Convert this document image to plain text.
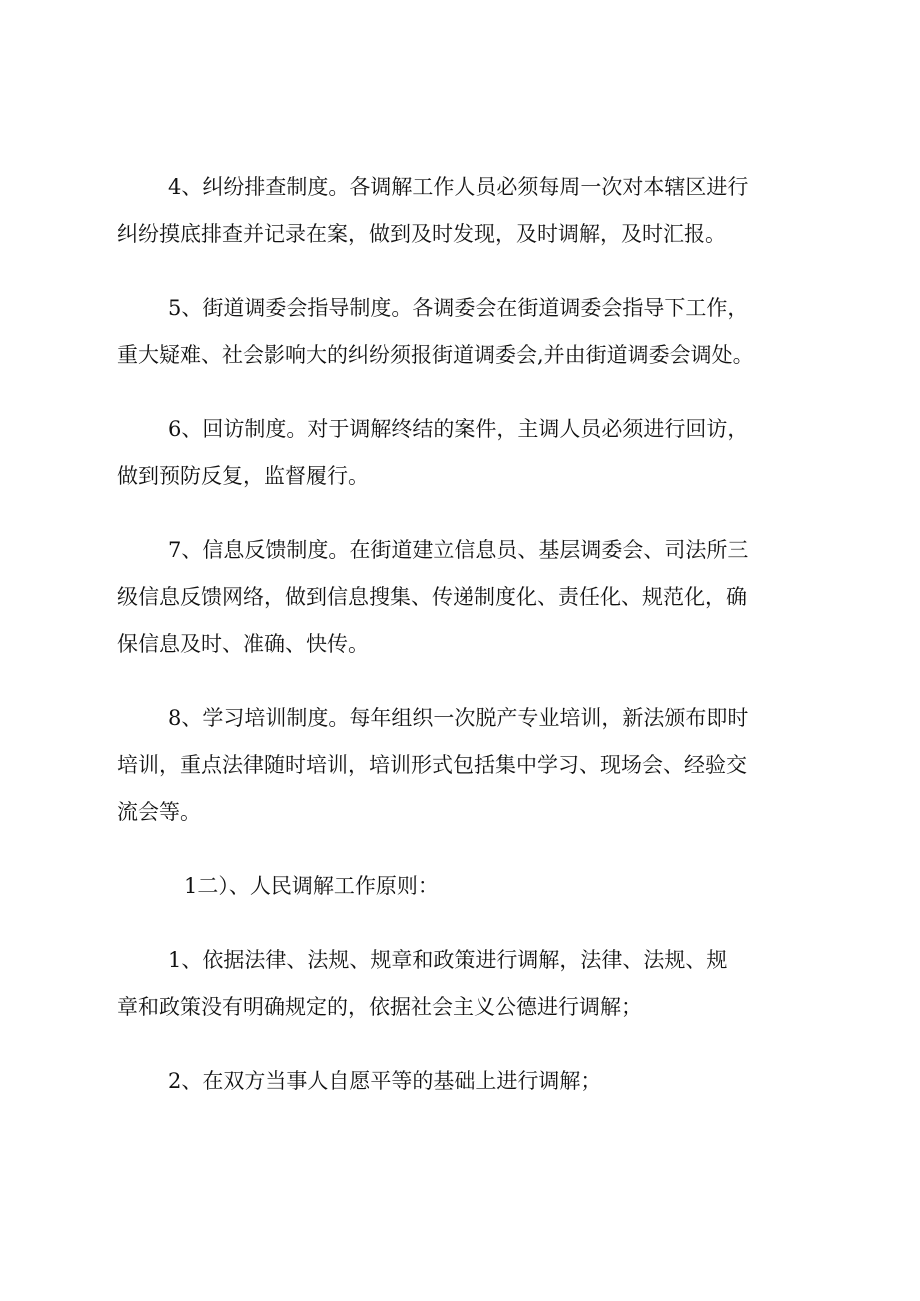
4、纠纷排查制度。各调解工作人员必须每周一次对本辖区进行
纠纷摸底排查并记录在案，做到及时发现，及时调解，及时汇报。
5、街道调委会指导制度。各调委会在街道调委会指导下工作，
重大疑难、社会影响大的纠纷须报街道调委会,并由街道调委会调处。
6、回访制度。对于调解终结的案件，主调人员必须进行回访，
做到预防反复，监督履行。
7、信息反馈制度。在街道建立信息员、基层调委会、司法所三
级信息反馈网络，做到信息搜集、传递制度化、责任化、规范化，确
保信息及时、准确、快传。
8、学习培训制度。每年组织一次脱产专业培训，新法颁布即时
培训，重点法律随时培训，培训形式包括集中学习、现场会、经验交
流会等。
1二）、人民调解工作原则：
1、依据法律、法规、规章和政策进行调解，法律、法规、规
章和政策没有明确规定的，依据社会主义公德进行调解；
2、在双方当事人自愿平等的基础上进行调解；
